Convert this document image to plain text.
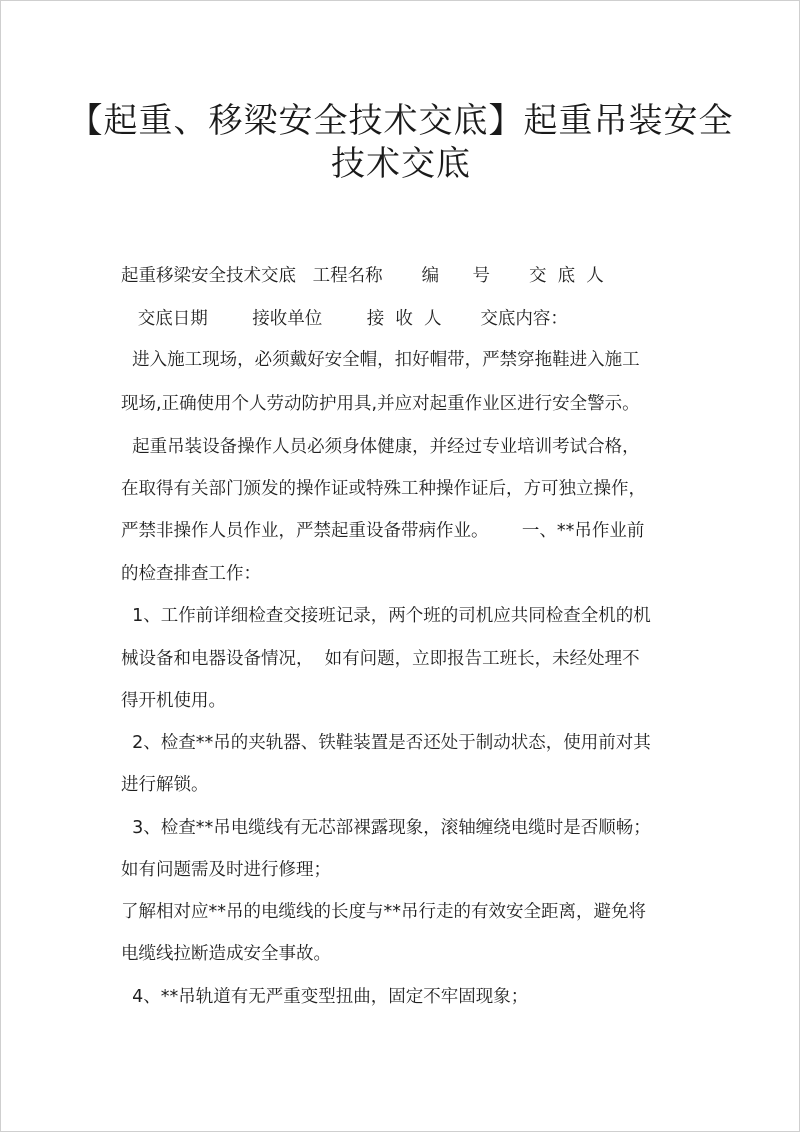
【起重、移梁安全技术交底】起重吊装安全
技术交底
起重移梁安全技术交底   工程名称       编      号       交  底  人
交底日期        接收单位        接  收  人       交底内容：
进入施工现场，必须戴好安全帽，扣好帽带，严禁穿拖鞋进入施工
现场,正确使用个人劳动防护用具,并应对起重作业区进行安全警示。
起重吊装设备操作人员必须身体健康，并经过专业培训考试合格，
在取得有关部门颁发的操作证或特殊工种操作证后，方可独立操作，
严禁非操作人员作业，严禁起重设备带病作业。      一、**吊作业前
的检查排查工作：
1、工作前详细检查交接班记录，两个班的司机应共同检查全机的机
械设备和电器设备情况，  如有问题，立即报告工班长，未经处理不
得开机使用。
2、检查**吊的夹轨器、铁鞋装置是否还处于制动状态，使用前对其
进行解锁。
3、检查**吊电缆线有无芯部裸露现象，滚轴缠绕电缆时是否顺畅；
如有问题需及时进行修理；
了解相对应**吊的电缆线的长度与**吊行走的有效安全距离，避免将
电缆线拉断造成安全事故。
4、**吊轨道有无严重变型扭曲，固定不牢固现象；
